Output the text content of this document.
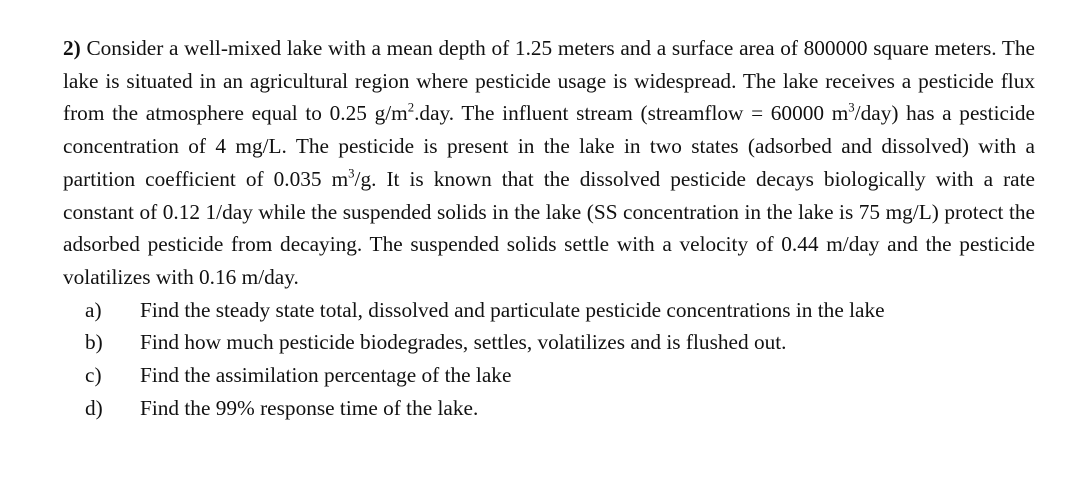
2) Consider a well-mixed lake with a mean depth of 1.25 meters and a surface area of 800000 square meters. The lake is situated in an agricultural region where pesticide usage is widespread. The lake receives a pesticide flux from the atmosphere equal to 0.25 $g/m^2.day$. The influent stream (streamflow = 60000 $m^3/day$) has a pesticide concentration of 4 mg/L. The pesticide is present in the lake in two states (adsorbed and dissolved) with a partition coefficient of 0.035 $m^3/g$. It is known that the dissolved pesticide decays biologically with a rate constant of 0.12 1/day while the suspended solids in the lake (SS concentration in the lake is 75 mg/L) protect the adsorbed pesticide from decaying. The suspended solids settle with a velocity of 0.44 m/day and the pesticide volatilizes with 0.16 m/day.

a)	Find the steady state total, dissolved and particulate pesticide concentrations in the lake
b)	Find how much pesticide biodegrades, settles, volatilizes and is flushed out.
c)	Find the assimilation percentage of the lake
d)	Find the 99% response time of the lake.
